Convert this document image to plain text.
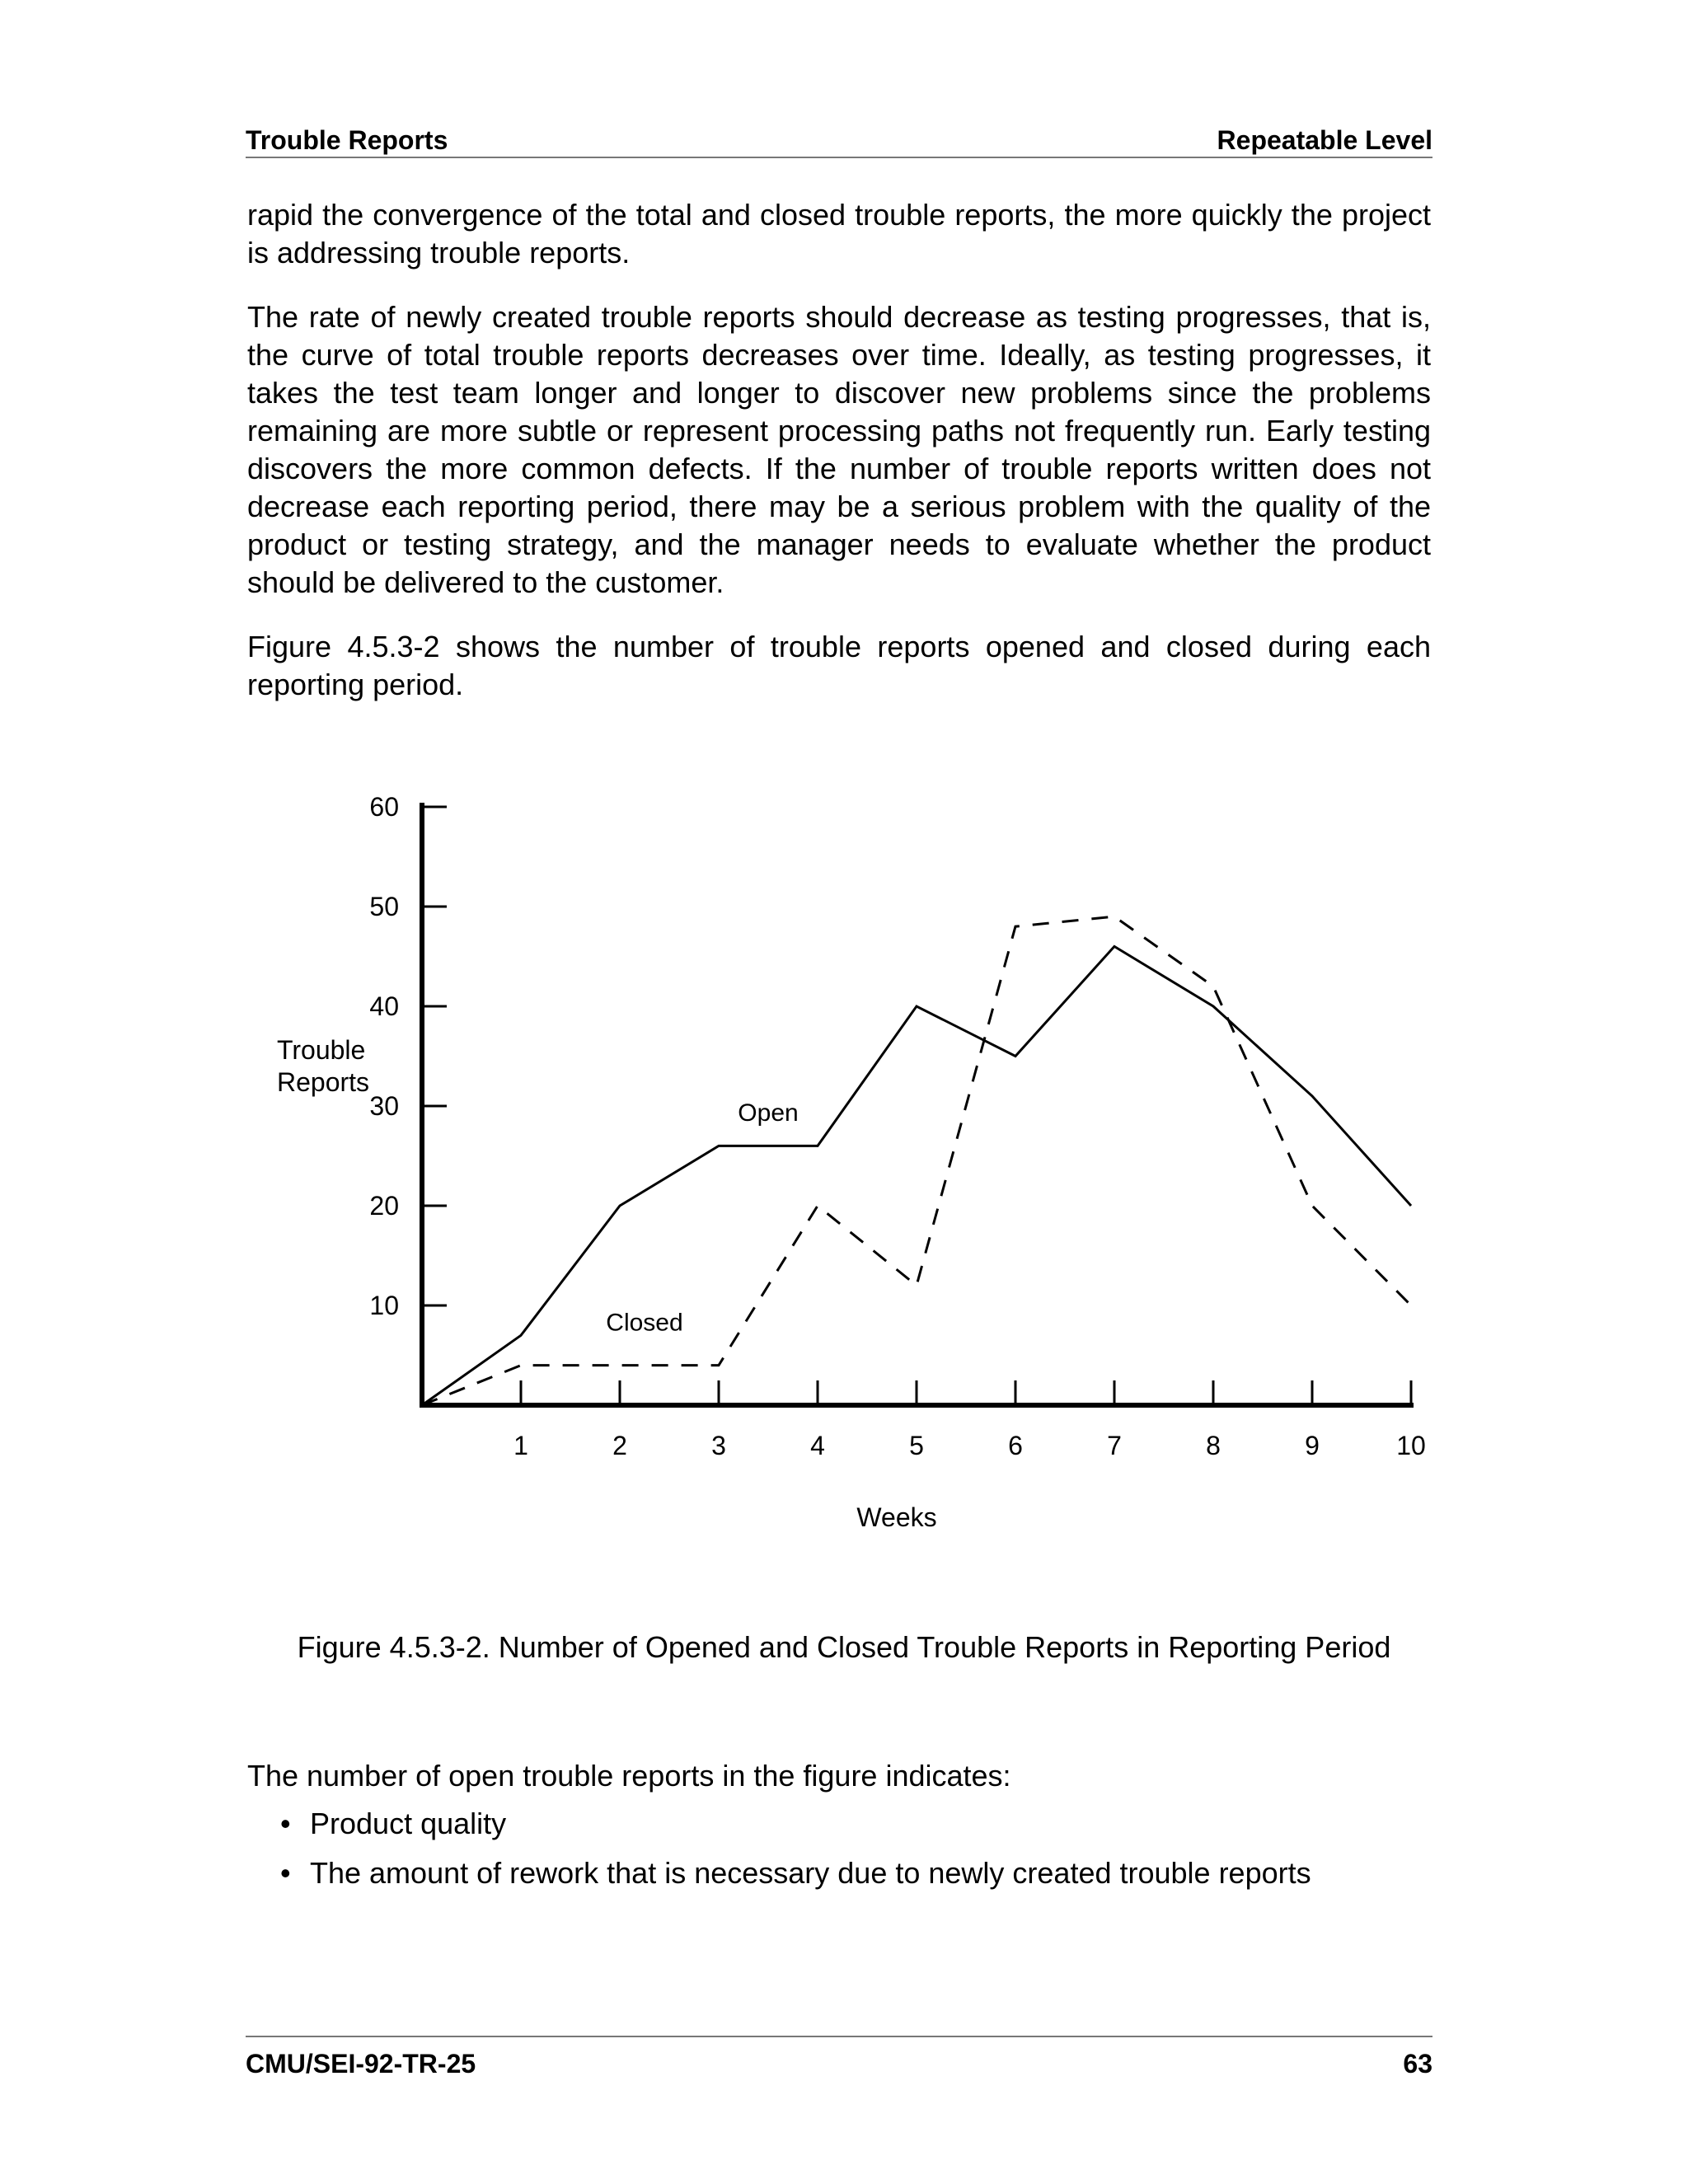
Trouble Reports	Repeatable Level

rapid the convergence of the total and closed trouble reports, the more quickly the project is addressing trouble reports.

The rate of newly created trouble reports should decrease as testing progresses, that is, the curve of total trouble reports decreases over time. Ideally, as testing progresses, it takes the test team longer and longer to discover new problems since the problems remaining are more subtle or represent processing paths not frequently run. Early testing discovers the more common defects. If the number of trouble reports written does not decrease each reporting period, there may be a serious problem with the quality of the product or testing strategy, and the manager needs to evaluate whether the product should be delivered to the customer.

Figure 4.5.3-2 shows the number of trouble reports opened and closed during each reporting period.

10
20
30
40
50
60
1	2	3	4	5	6	7	8	9	10
Trouble
Reports
Weeks
Open
Closed
Figure 4.5.3-2. Number of Opened and Closed Trouble Reports in Reporting Period

The number of open trouble reports in the figure indicates:

• Product quality
• The amount of rework that is necessary due to newly created trouble reports
CMU/SEI-92-TR-25	63
